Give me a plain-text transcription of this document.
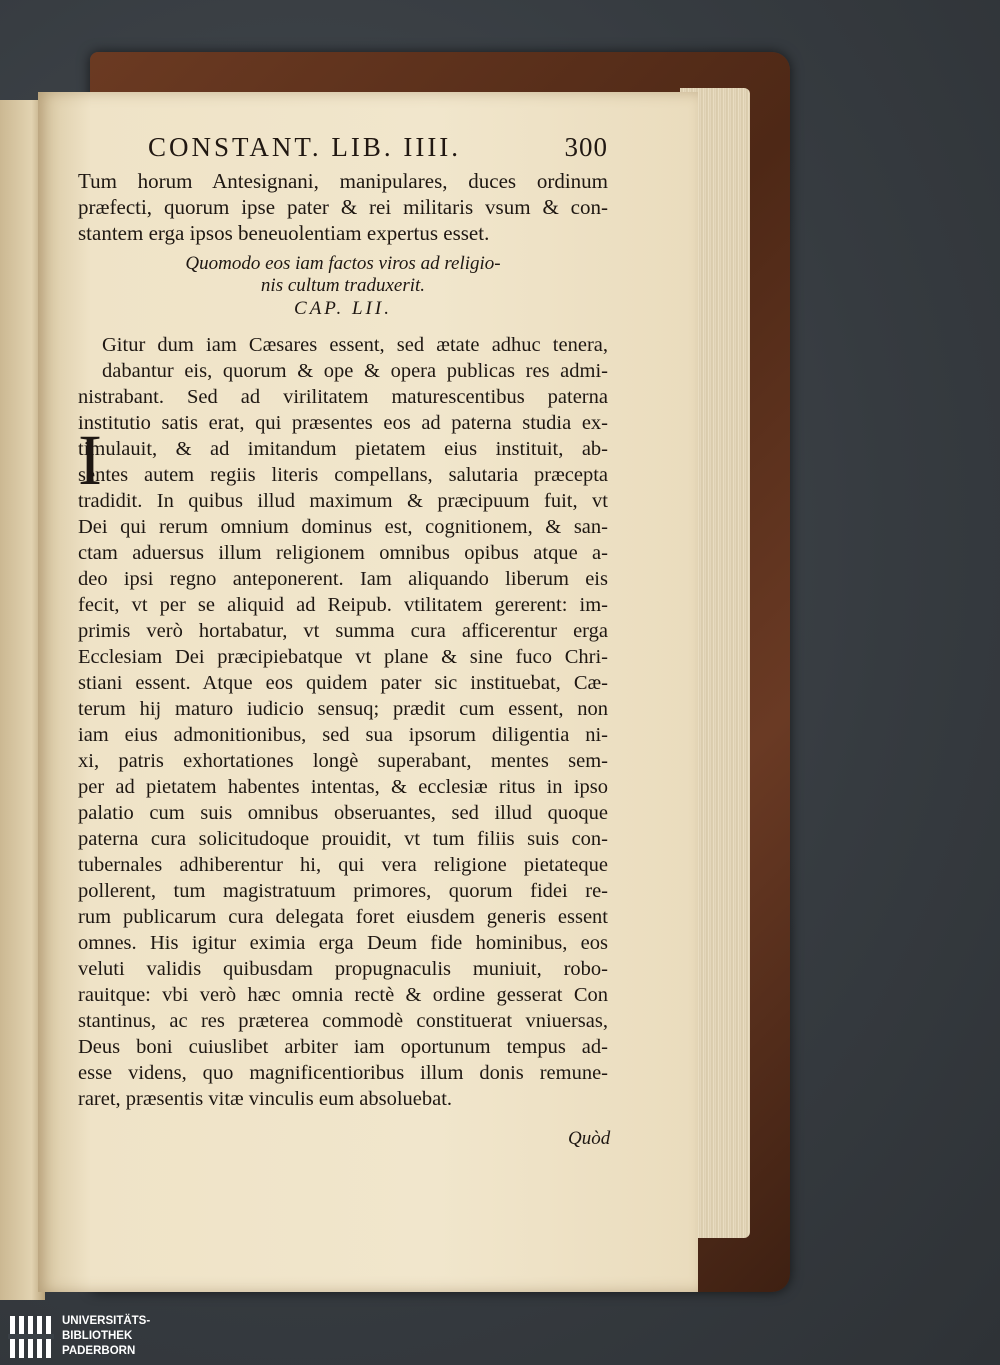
CONSTANT. LIB. IIII.	300
Tum horum Antesignani, manipulares, duces ordinum
præfecti, quorum ipse pater & rei militaris vsum & con-
stantem erga ipsos beneuolentiam expertus esset.
Quomodo eos iam factos viros ad religio-
nis cultum traduxerit.
CAP. LII.
I
Gitur dum iam Cæsares essent, sed ætate adhuc tenera,
dabantur eis, quorum & ope & opera publicas res admi-
nistrabant. Sed ad virilitatem maturescentibus paterna
institutio satis erat, qui præsentes eos ad paterna studia ex-
timulauit, & ad imitandum pietatem eius instituit, ab-
sentes autem regiis literis compellans, salutaria præcepta
tradidit. In quibus illud maximum & præcipuum fuit, vt
Dei qui rerum omnium dominus est, cognitionem, & san-
ctam aduersus illum religionem omnibus opibus atque a-
deo ipsi regno anteponerent. Iam aliquando liberum eis
fecit, vt per se aliquid ad Reipub. vtilitatem gererent: im-
primis verò hortabatur, vt summa cura afficerentur erga
Ecclesiam Dei præcipiebatque vt plane & sine fuco Chri-
stiani essent. Atque eos quidem pater sic instituebat, Cæ-
terum hij maturo iudicio sensuq; prædit cum essent, non
iam eius admonitionibus, sed sua ipsorum diligentia ni-
xi, patris exhortationes longè superabant, mentes sem-
per ad pietatem habentes intentas, & ecclesiæ ritus in ipso
palatio cum suis omnibus obseruantes, sed illud quoque
paterna cura solicitudoque prouidit, vt tum filiis suis con-
tubernales adhiberentur hi, qui vera religione pietateque
pollerent, tum magistratuum primores, quorum fidei re-
rum publicarum cura delegata foret eiusdem generis essent
omnes. His igitur eximia erga Deum fide hominibus, eos
veluti validis quibusdam propugnaculis muniuit, robo-
rauitque: vbi verò hæc omnia rectè & ordine gesserat Con
stantinus, ac res præterea commodè constituerat vniuersas,
Deus boni cuiuslibet arbiter iam oportunum tempus ad-
esse videns, quo magnificentioribus illum donis remune-
raret, præsentis vitæ vinculis eum absoluebat.
Quòd
UNIVERSITÄTS-
BIBLIOTHEK
PADERBORN
